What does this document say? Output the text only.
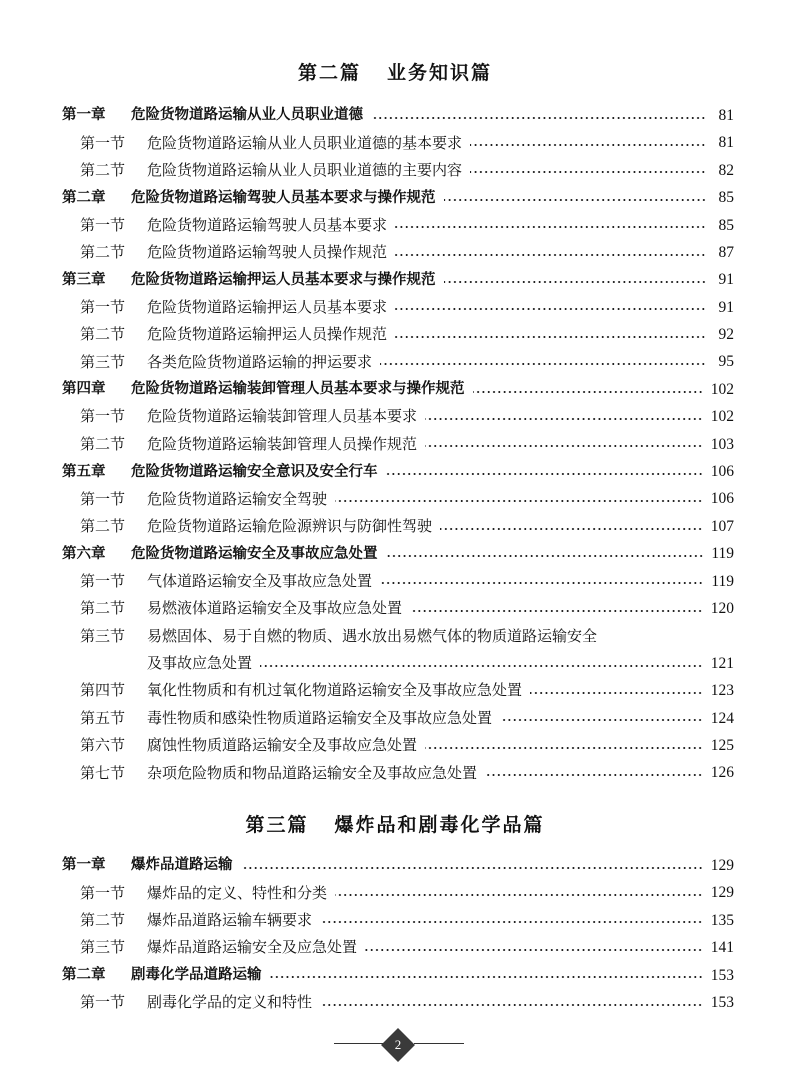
第二篇 业务知识篇
第一章	危险货物道路运输从业人员职业道德	81
第一节	危险货物道路运输从业人员职业道德的基本要求	81
第二节	危险货物道路运输从业人员职业道德的主要内容	82
第二章	危险货物道路运输驾驶人员基本要求与操作规范	85
第一节	危险货物道路运输驾驶人员基本要求	85
第二节	危险货物道路运输驾驶人员操作规范	87
第三章	危险货物道路运输押运人员基本要求与操作规范	91
第一节	危险货物道路运输押运人员基本要求	91
第二节	危险货物道路运输押运人员操作规范	92
第三节	各类危险货物道路运输的押运要求	95
第四章	危险货物道路运输装卸管理人员基本要求与操作规范	102
第一节	危险货物道路运输装卸管理人员基本要求	102
第二节	危险货物道路运输装卸管理人员操作规范	103
第五章	危险货物道路运输安全意识及安全行车	106
第一节	危险货物道路运输安全驾驶	106
第二节	危险货物道路运输危险源辨识与防御性驾驶	107
第六章	危险货物道路运输安全及事故应急处置	119
第一节	气体道路运输安全及事故应急处置	119
第二节	易燃液体道路运输安全及事故应急处置	120
第三节	易燃固体、易于自燃的物质、遇水放出易燃气体的物质道路运输安全
及事故应急处置	121
第四节	氧化性物质和有机过氧化物道路运输安全及事故应急处置	123
第五节	毒性物质和感染性物质道路运输安全及事故应急处置	124
第六节	腐蚀性物质道路运输安全及事故应急处置	125
第七节	杂项危险物质和物品道路运输安全及事故应急处置	126
第三篇 爆炸品和剧毒化学品篇
第一章	爆炸品道路运输	129
第一节	爆炸品的定义、特性和分类	129
第二节	爆炸品道路运输车辆要求	135
第三节	爆炸品道路运输安全及应急处置	141
第二章	剧毒化学品道路运输	153
第一节	剧毒化学品的定义和特性	153
2
